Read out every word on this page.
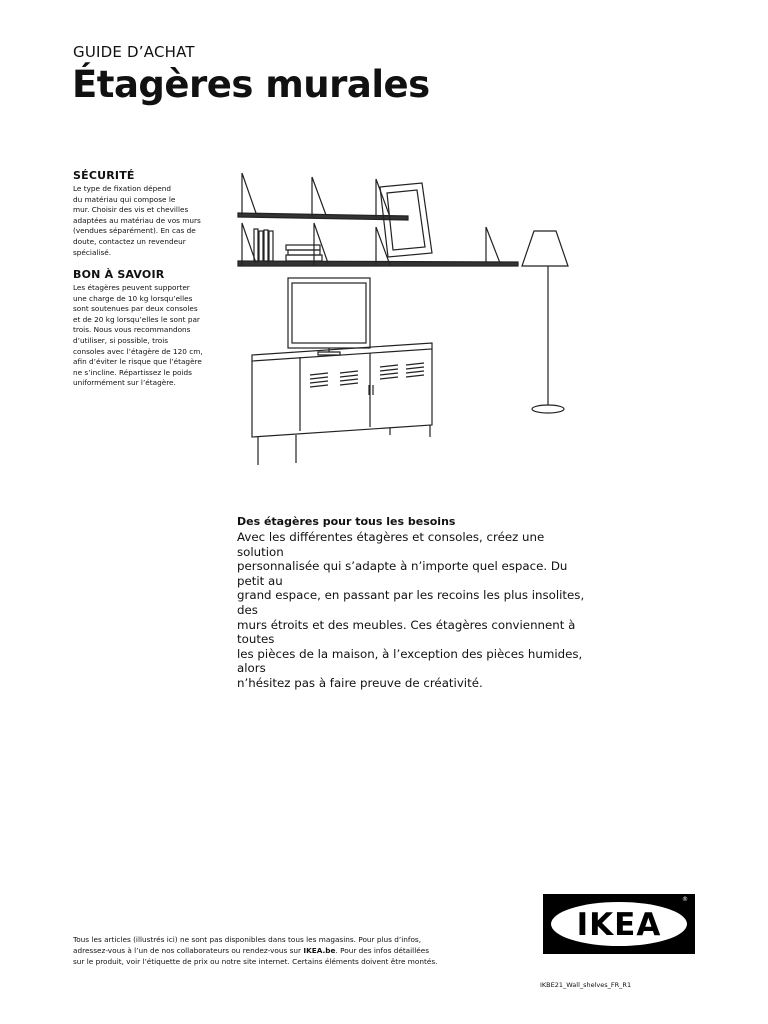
GUIDE D’ACHAT
Étagères murales
SÉCURITÉ
Le type de fixation dépend
du matériau qui compose le
mur. Choisir des vis et chevilles
adaptées au matériau de vos murs
(vendues séparément). En cas de
doute, contactez un revendeur
spécialisé.
BON À SAVOIR
Les étagères peuvent supporter
une charge de 10 kg lorsqu’elles
sont soutenues par deux consoles
et de 20 kg lorsqu’elles le sont par
trois. Nous vous recommandons
d’utiliser, si possible, trois
consoles avec l’étagère de 120 cm,
afin d’éviter le risque que l’étagère
ne s’incline. Répartissez le poids
uniformément sur l’étagère.
Des étagères pour tous les besoins
Avec les différentes étagères et consoles, créez une solution
personnalisée qui s’adapte à n’importe quel espace. Du petit au
grand espace, en passant par les recoins les plus insolites, des
murs étroits et des meubles. Ces étagères conviennent à toutes
les pièces de la maison, à l’exception des pièces humides, alors
n’hésitez pas à faire preuve de créativité.
Tous les articles (illustrés ici) ne sont pas disponibles dans tous les magasins. Pour plus d’infos,
adressez-vous à l’un de nos collaborateurs ou rendez-vous sur IKEA.be. Pour des infos détaillées
sur le produit, voir l’étiquette de prix ou notre site internet. Certains éléments doivent être montés.
IKEA
®
IKBE21_Wall_shelves_FR_R1
